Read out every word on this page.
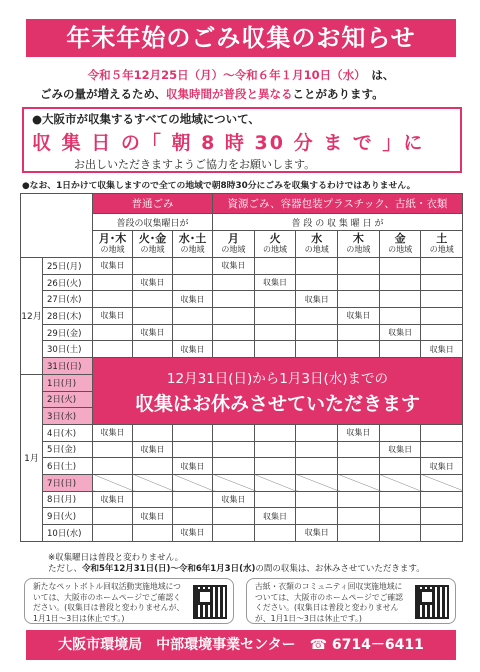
年末年始のごみ収集のお知らせ
令和５年12月25日（月）～令和６年１月10日（水）　 は、
ごみの量が増えるため、収集時間が普段と異なることがあります。
●大阪市が収集するすべての地域について、
収 集 日 の「 朝 8 時 30 分 ま で 」に
お出しいただきますようご協力をお願いします。
●なお、1日かけて収集しますので全ての地域で朝8時30分にごみを収集するわけではありません。
		普通ごみ			資源ごみ、容器包装プラスチック、古紙・衣類					
		普段の収集曜日が			普 段 の 収 集 曜 日 が					

		月･木
の地域	火･金
の地域	水･土
の地域	月
の地域	火
の地域	水
の地域	木
の地域	金
の地域	土
の地域
12月	25日(月)	収集日			収集日					
	26日(火)		収集日			収集日				
	27日(水)			収集日			収集日			
	28日(木)	収集日						収集日		
	29日(金)		収集日						収集日	
	30日(土)			収集日						収集日
	31日(日)	12月31日(日)から1月3日(水)までの
収集はお休みさせていただきます								

1月	1日(月)									
	2日(火)									
	3日(水)									
	4日(木)	収集日						収集日		
	5日(金)		収集日						収集日	
	6日(土)			収集日						収集日
	7日(日)									
	8日(月)	収集日			収集日					
	9日(火)		収集日			収集日				
	10日(水)			収集日			収集日			
※収集曜日は普段と変わりません。
ただし、令和5年12月31日(日)～令和6年1月3日(水)の間の収集は、お休みさせていただきます。
新たなペットボトル回収活動実施地域については、大阪市のホームページでご確認ください。(収集日は普段と変わりませんが、1月1日～3日は休止です。)
古紙・衣類のコミュニティ回収実施地域については、大阪市のホームページでご確認ください。(収集日は普段と変わりませんが、1月1日～3日は休止です。)
大阪市環境局　中部環境事業センター　☎ 6714－6411
